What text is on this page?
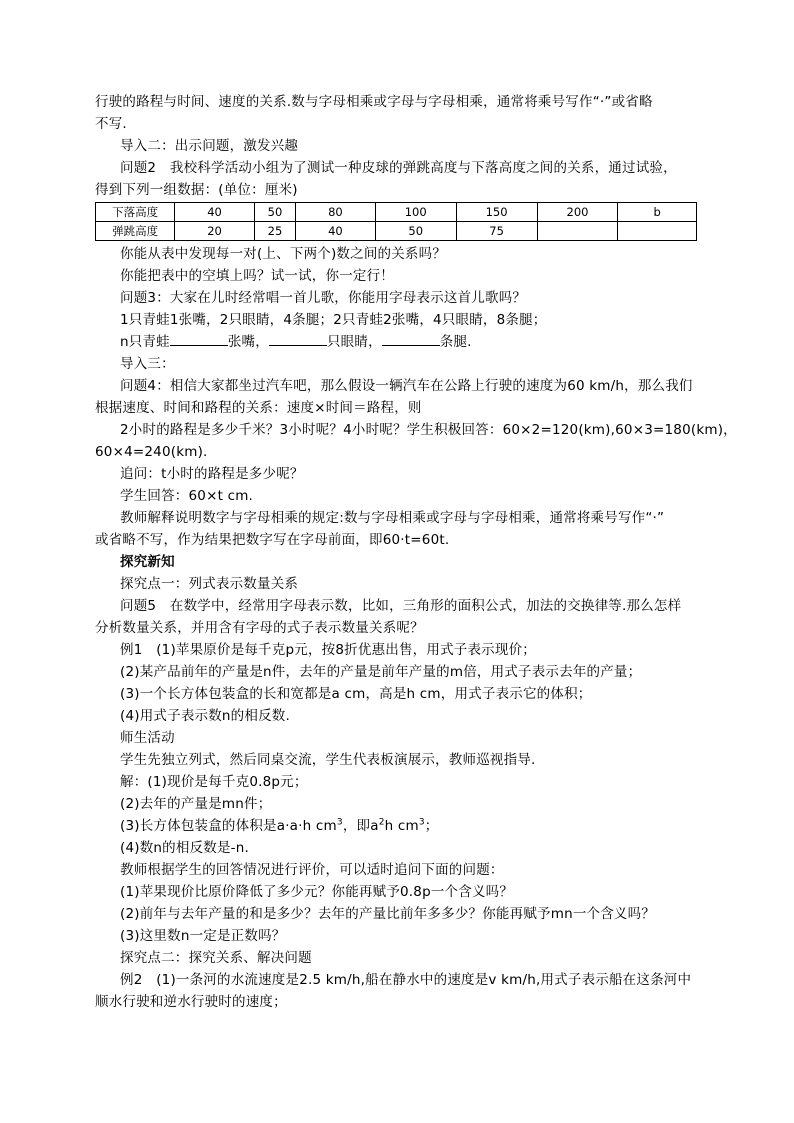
行驶的路程与时间、速度的关系.数与字母相乘或字母与字母相乘，通常将乘号写作“·”或省略
不写.
导入二：出示问题，激发兴趣
问题2　我校科学活动小组为了测试一种皮球的弹跳高度与下落高度之间的关系，通过试验，
得到下列一组数据：(单位：厘米)
下落高度	40	50	80	100	150	200	b
弹跳高度	20	25	40	50	75		
你能从表中发现每一对(上、下两个)数之间的关系吗？
你能把表中的空填上吗？试一试，你一定行！
问题3：大家在儿时经常唱一首儿歌，你能用字母表示这首儿歌吗？
1只青蛙1张嘴，2只眼睛，4条腿；2只青蛙2张嘴，4只眼睛，8条腿；
n只青蛙	张嘴，	只眼睛，	条腿.
导入三：
问题4：相信大家都坐过汽车吧，那么假设一辆汽车在公路上行驶的速度为60 km/h，那么我们
根据速度、时间和路程的关系：速度×时间＝路程，则
2小时的路程是多少千米？3小时呢？4小时呢？学生积极回答：60×2=120(km),60×3=180(km)，
60×4=240(km).
追问：t小时的路程是多少呢？
学生回答：60×t cm.
教师解释说明数字与字母相乘的规定:数与字母相乘或字母与字母相乘，通常将乘号写作“·”
或省略不写，作为结果把数字写在字母前面，即60·t=60t.
探究新知
探究点一：列式表示数量关系
问题5　在数学中，经常用字母表示数，比如，三角形的面积公式，加法的交换律等.那么怎样
分析数量关系，并用含有字母的式子表示数量关系呢？
例1　(1)苹果原价是每千克p元，按8折优惠出售，用式子表示现价；
(2)某产品前年的产量是n件，去年的产量是前年产量的m倍，用式子表示去年的产量；
(3)一个长方体包装盒的长和宽都是a cm，高是h cm，用式子表示它的体积；
(4)用式子表示数n的相反数.
师生活动
学生先独立列式，然后同桌交流，学生代表板演展示，教师巡视指导.
解：(1)现价是每千克0.8p元；
(2)去年的产量是mn件；
(3)长方体包装盒的体积是a·a·h $cm^3$，即$a^2h$ $cm^3$；
(4)数n的相反数是-n.
教师根据学生的回答情况进行评价，可以适时追问下面的问题：
(1)苹果现价比原价降低了多少元？你能再赋予0.8p一个含义吗？
(2)前年与去年产量的和是多少？去年的产量比前年多多少？你能再赋予mn一个含义吗？
(3)这里数n一定是正数吗？
探究点二：探究关系、解决问题
例2　(1)一条河的水流速度是2.5 km/h,船在静水中的速度是v km/h,用式子表示船在这条河中
顺水行驶和逆水行驶时的速度；
